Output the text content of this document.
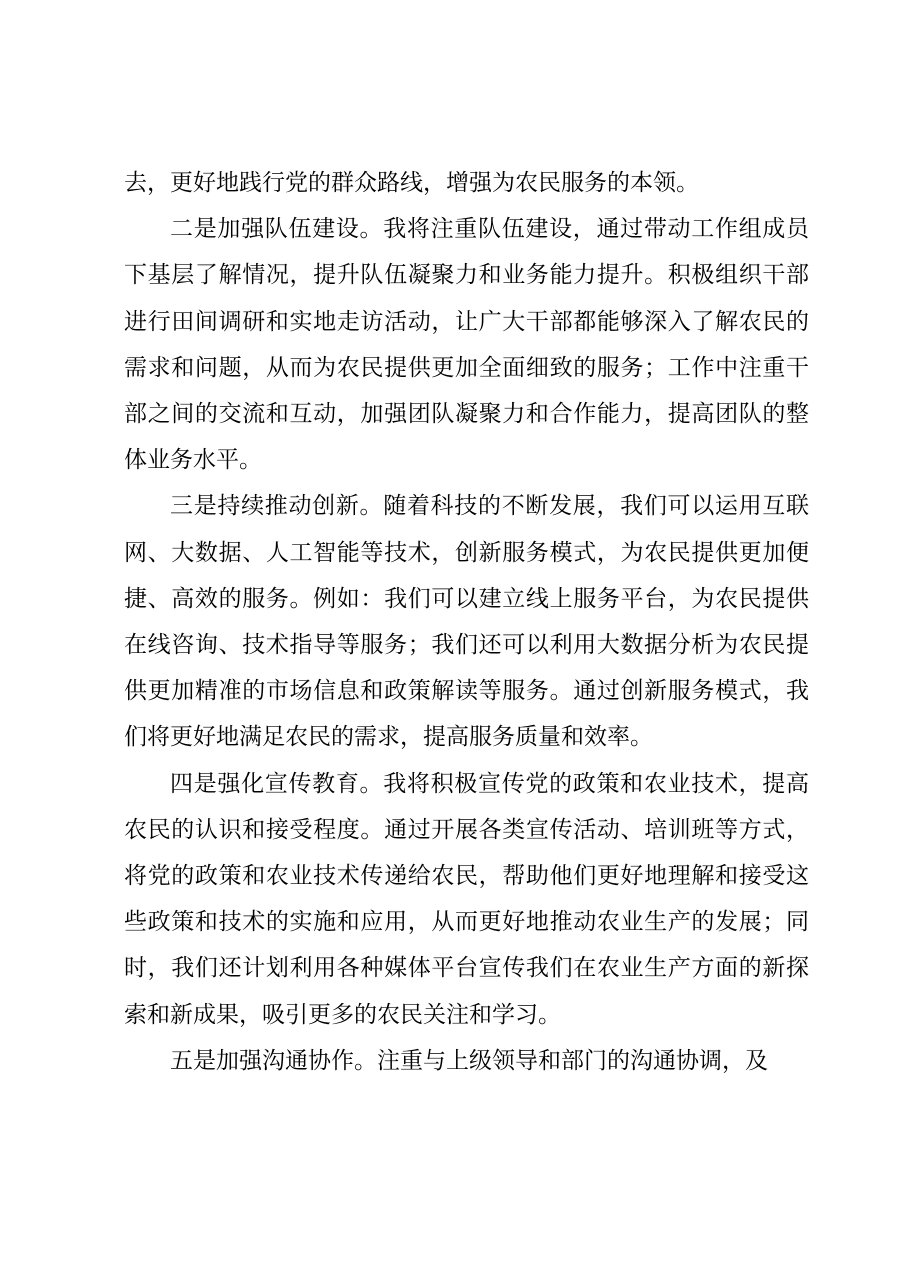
去，更好地践行党的群众路线，增强为农民服务的本领。

二是加强队伍建设。我将注重队伍建设，通过带动工作组成员下基层了解情况，提升队伍凝聚力和业务能力提升。积极组织干部进行田间调研和实地走访活动，让广大干部都能够深入了解农民的需求和问题，从而为农民提供更加全面细致的服务；工作中注重干部之间的交流和互动，加强团队凝聚力和合作能力，提高团队的整体业务水平。

三是持续推动创新。随着科技的不断发展，我们可以运用互联网、大数据、人工智能等技术，创新服务模式，为农民提供更加便捷、高效的服务。例如：我们可以建立线上服务平台，为农民提供在线咨询、技术指导等服务；我们还可以利用大数据分析为农民提供更加精准的市场信息和政策解读等服务。通过创新服务模式，我们将更好地满足农民的需求，提高服务质量和效率。

四是强化宣传教育。我将积极宣传党的政策和农业技术，提高农民的认识和接受程度。通过开展各类宣传活动、培训班等方式，将党的政策和农业技术传递给农民，帮助他们更好地理解和接受这些政策和技术的实施和应用，从而更好地推动农业生产的发展；同时，我们还计划利用各种媒体平台宣传我们在农业生产方面的新探索和新成果，吸引更多的农民关注和学习。

五是加强沟通协作。注重与上级领导和部门的沟通协调，及
